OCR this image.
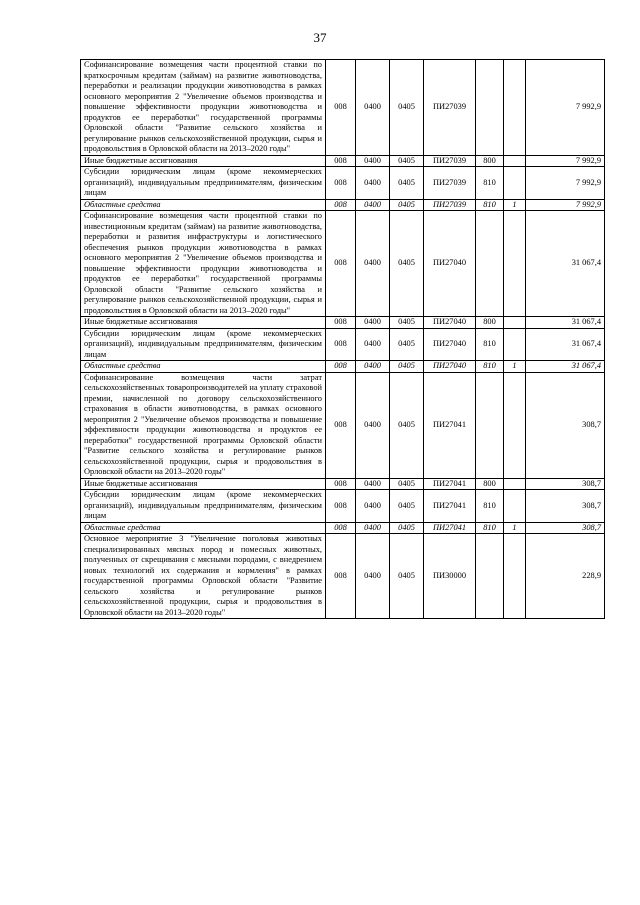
37
Софинансирование возмещения части процентной ставки по краткосрочным кредитам (займам) на развитие животноводства, переработки и реализации продукции животноводства в рамках основного мероприятия 2 "Увеличение объемов производства и повышение эффективности продукции животноводства и продуктов ее переработки" государственной программы Орловской области "Развитие сельского хозяйства и регулирование рынков сельскохозяйственной продукции, сырья и продовольствия в Орловской области на 2013–2020 годы"	008	0400	0405	ПИ27039			7 992,9
Иные бюджетные ассигнования	008	0400	0405	ПИ27039	800		7 992,9
Субсидии юридическим лицам (кроме некоммерческих организаций), индивидуальным предпринимателям, физическим лицам	008	0400	0405	ПИ27039	810		7 992,9
Областные средства	008	0400	0405	ПИ27039	810	1	7 992,9
Софинансирование возмещения части процентной ставки по инвестиционным кредитам (займам) на развитие животноводства, переработки и развития инфраструктуры и логистического обеспечения рынков продукции животноводства в рамках основного мероприятия 2 "Увеличение объемов производства и повышение эффективности продукции животноводства и продуктов ее переработки" государственной программы Орловской области "Развитие сельского хозяйства и регулирование рынков сельскохозяйственной продукции, сырья и продовольствия в Орловской области на 2013–2020 годы"	008	0400	0405	ПИ27040			31 067,4
Иные бюджетные ассигнования	008	0400	0405	ПИ27040	800		31 067,4
Субсидии юридическим лицам (кроме некоммерческих организаций), индивидуальным предпринимателям, физическим лицам	008	0400	0405	ПИ27040	810		31 067,4
Областные средства	008	0400	0405	ПИ27040	810	1	31 067,4
Софинансирование возмещения части затрат сельскохозяйственных товаропроизводителей на уплату страховой премии, начисленной по договору сельскохозяйственного страхования в области животноводства, в рамках основного мероприятия 2 "Увеличение объемов производства и повышение эффективности продукции животноводства и продуктов ее переработки" государственной программы Орловской области "Развитие сельского хозяйства и регулирование рынков сельскохозяйственной продукции, сырья и продовольствия в Орловской области на 2013–2020 годы"	008	0400	0405	ПИ27041			308,7
Иные бюджетные ассигнования	008	0400	0405	ПИ27041	800		308,7
Субсидии юридическим лицам (кроме некоммерческих организаций), индивидуальным предпринимателям, физическим лицам	008	0400	0405	ПИ27041	810		308,7
Областные средства	008	0400	0405	ПИ27041	810	1	308,7
Основное мероприятие 3 "Увеличение поголовья животных специализированных мясных пород и помесных животных, полученных от скрещивания с мясными породами, с внедрением новых технологий их содержания и кормления" в рамках государственной программы Орловской области "Развитие сельского хозяйства и регулирование рынков сельскохозяйственной продукции, сырья и продовольствия в Орловской области на 2013–2020 годы"	008	0400	0405	ПИ30000			228,9
